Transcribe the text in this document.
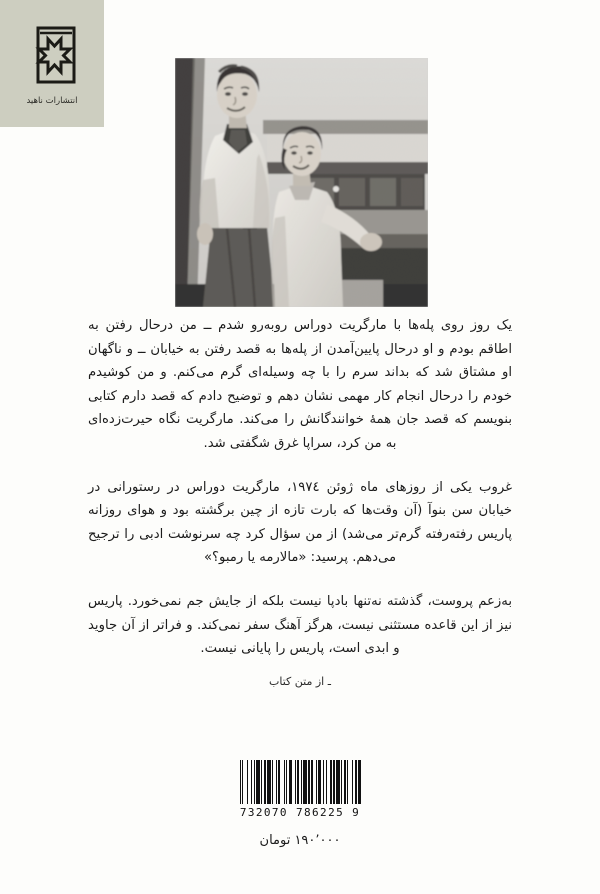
انتشارات ناهید

یک روز روی پله‌ها با مارگریت دوراس روبه‌رو شدم ــ من درحال رفتن به اطاقم بودم و او درحال پایین‌آمدن از پله‌ها به قصد رفتن به خیابان ــ و ناگهان او مشتاق شد که بداند سرم را با چه وسیله‌ای گرم می‌کنم. و من کوشیدم خودم را درحال انجام کار مهمی نشان دهم و توضیح دادم که قصد دارم کتابی بنویسم که قصد جان همهٔ خوانندگانش را می‌کند. مارگریت نگاه حیرت‌زده‌ای به من کرد، سراپا غرق شگفتی شد.

غروب یکی از روزهای ماه ژوئن ۱۹۷٤، مارگریت دوراس در رستورانی در خیابان سن بنوآ (آن وقت‌ها که بارت تازه از چین برگشته بود و هوای روزانه پاریس رفته‌رفته گرم‌تر می‌شد) از من سؤال کرد چه سرنوشت ادبی را ترجیح می‌دهم. پرسید: «مالارمه یا رمبو؟»

به‌زعم پروست، گذشته نه‌تنها بادپا نیست بلکه از جایش جم نمی‌خورد. پاریس نیز از این قاعده مستثنی نیست، هرگز آهنگ سفر نمی‌کند. و فراتر از آن جاوید و ابدی است، پاریس را پایانی نیست.

ـ از متن کتاب
9 786225 732070
۱۹۰٬۰۰۰ تومان
